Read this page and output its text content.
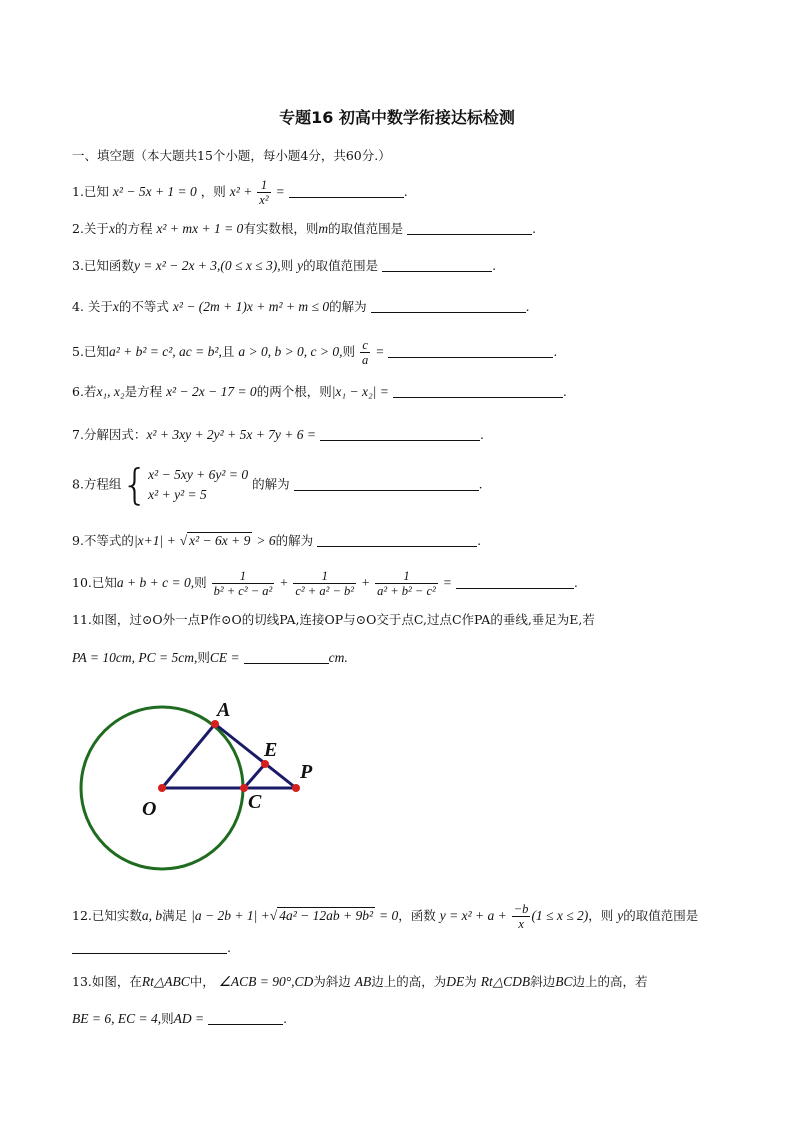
专题16 初高中数学衔接达标检测
一、填空题（本大题共15个小题，每小题4分，共60分.）
1.已知 x² − 5x + 1 = 0 ，则 $x^2 + \frac{1}{\text{x²}}$ =	.
2.关于x的方程 x² + mx + 1 = 0有实数根，则m的取值范围是	.
3.已知函数y = x² − 2x + 3,(0 ≤ x ≤ 3),则 y的取值范围是	.
4. 关于x的不等式 x² − (2m + 1)x + m² + m ≤ 0的解为	.
5.已知a² + b² = c², ac = b²,且 a > 0, b > 0, c > 0,则 $\frac{c}{a}$ =	.
6.若x₁, x₂是方程 x² − 2x − 17 = 0的两个根，则|x₁ − x₂| =	.
7.分解因式：x² + 3xy + 2y² + 5x + 7y + 6 =	.
8.方程组{x² − 5xy + 6y² = 0
x² + y² = 5 的解为	.
9.不等式的|x+1| + √ x² − 6x + 9 > 6的解为	.
10.已知a + b + c = 0,则 $\frac{1}{\text{b² + c² − a²}} + \frac{1}{\text{c² + a² − b²}} + \frac{1}{\text{a² + b² − c²}}$ =	.
11.如图，过⊙O外一点P作⊙O的切线PA,连接OP与⊙O交于点C,过点C作PA的垂线,垂足为E,若
PA = 10cm, PC = 5cm,则CE =	cm.
A
E
P
O	C
12.已知实数a, b满足 |a − 2b + 1| +√ 4a² − 12ab + 9b² = 0，函数 $y = x^2 + a + \frac{-b}{x} (1 \le x \le 2)$，则 y的取值范围是
.
13.如图，在Rt△ABC中， ∠ACB = 90°,CD为斜边 AB边上的高，为DE为 Rt△CDB斜边BC边上的高，若
BE = 6, EC = 4,则AD =	.
